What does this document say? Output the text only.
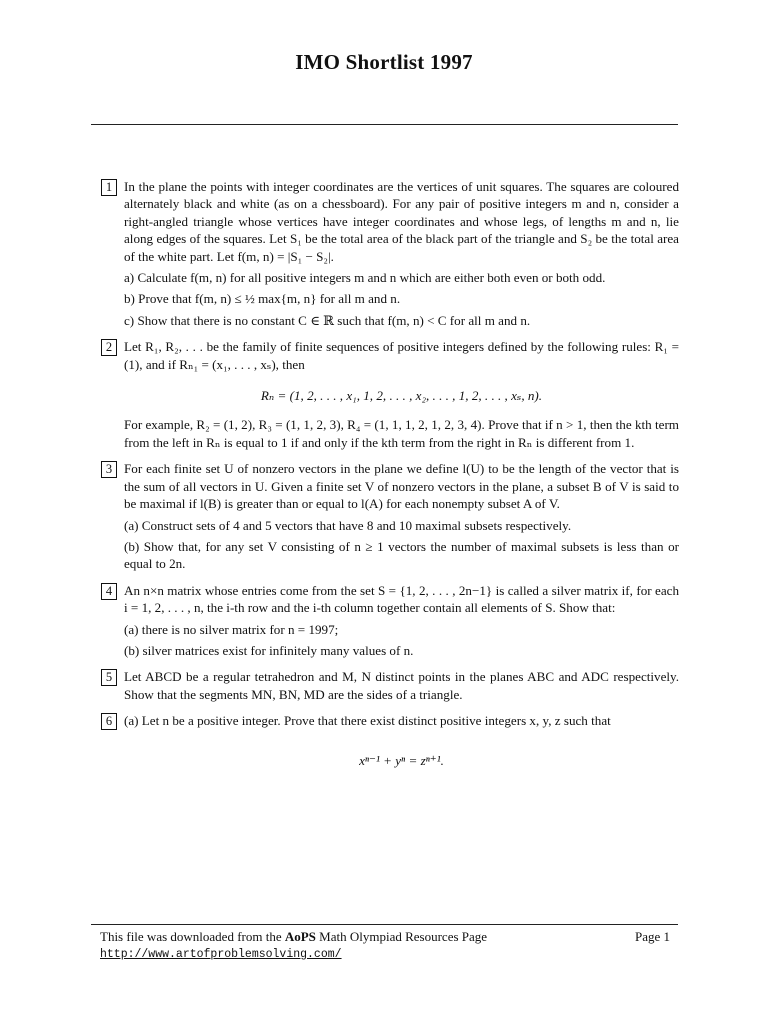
IMO Shortlist 1997
1 In the plane the points with integer coordinates are the vertices of unit squares. The squares are coloured alternately black and white (as on a chessboard). For any pair of positive integers m and n, consider a right-angled triangle whose vertices have integer coordinates and whose legs, of lengths m and n, lie along edges of the squares. Let S₁ be the total area of the black part of the triangle and S₂ be the total area of the white part. Let f(m, n) = |S₁ − S₂|.
a) Calculate f(m, n) for all positive integers m and n which are either both even or both odd.
b) Prove that f(m, n) ≤ ½ max{m, n} for all m and n.
c) Show that there is no constant C ∈ ℝ such that f(m, n) < C for all m and n.
2 Let R₁, R₂, . . . be the family of finite sequences of positive integers defined by the following rules: R₁ = (1), and if Rₙ₁ = (x₁, . . . , xₛ), then
Rₙ = (1, 2, . . . , x₁, 1, 2, . . . , x₂, . . . , 1, 2, . . . , xₛ, n).
For example, R₂ = (1, 2), R₃ = (1, 1, 2, 3), R₄ = (1, 1, 1, 2, 1, 2, 3, 4). Prove that if n > 1, then the kth term from the left in Rₙ is equal to 1 if and only if the kth term from the right in Rₙ is different from 1.
3 For each finite set U of nonzero vectors in the plane we define l(U) to be the length of the vector that is the sum of all vectors in U. Given a finite set V of nonzero vectors in the plane, a subset B of V is said to be maximal if l(B) is greater than or equal to l(A) for each nonempty subset A of V.
(a) Construct sets of 4 and 5 vectors that have 8 and 10 maximal subsets respectively.
(b) Show that, for any set V consisting of n ≥ 1 vectors the number of maximal subsets is less than or equal to 2n.
4 An n×n matrix whose entries come from the set S = {1, 2, . . . , 2n−1} is called a silver matrix if, for each i = 1, 2, . . . , n, the i-th row and the i-th column together contain all elements of S. Show that:
(a) there is no silver matrix for n = 1997;
(b) silver matrices exist for infinitely many values of n.
5 Let ABCD be a regular tetrahedron and M, N distinct points in the planes ABC and ADC respectively. Show that the segments MN, BN, MD are the sides of a triangle.
6 (a) Let n be a positive integer. Prove that there exist distinct positive integers x, y, z such that
xⁿ⁻¹ + yⁿ = zⁿ⁺¹.
This file was downloaded from the AoPS Math Olympiad Resources Page	Page 1
http://www.artofproblemsolving.com/
